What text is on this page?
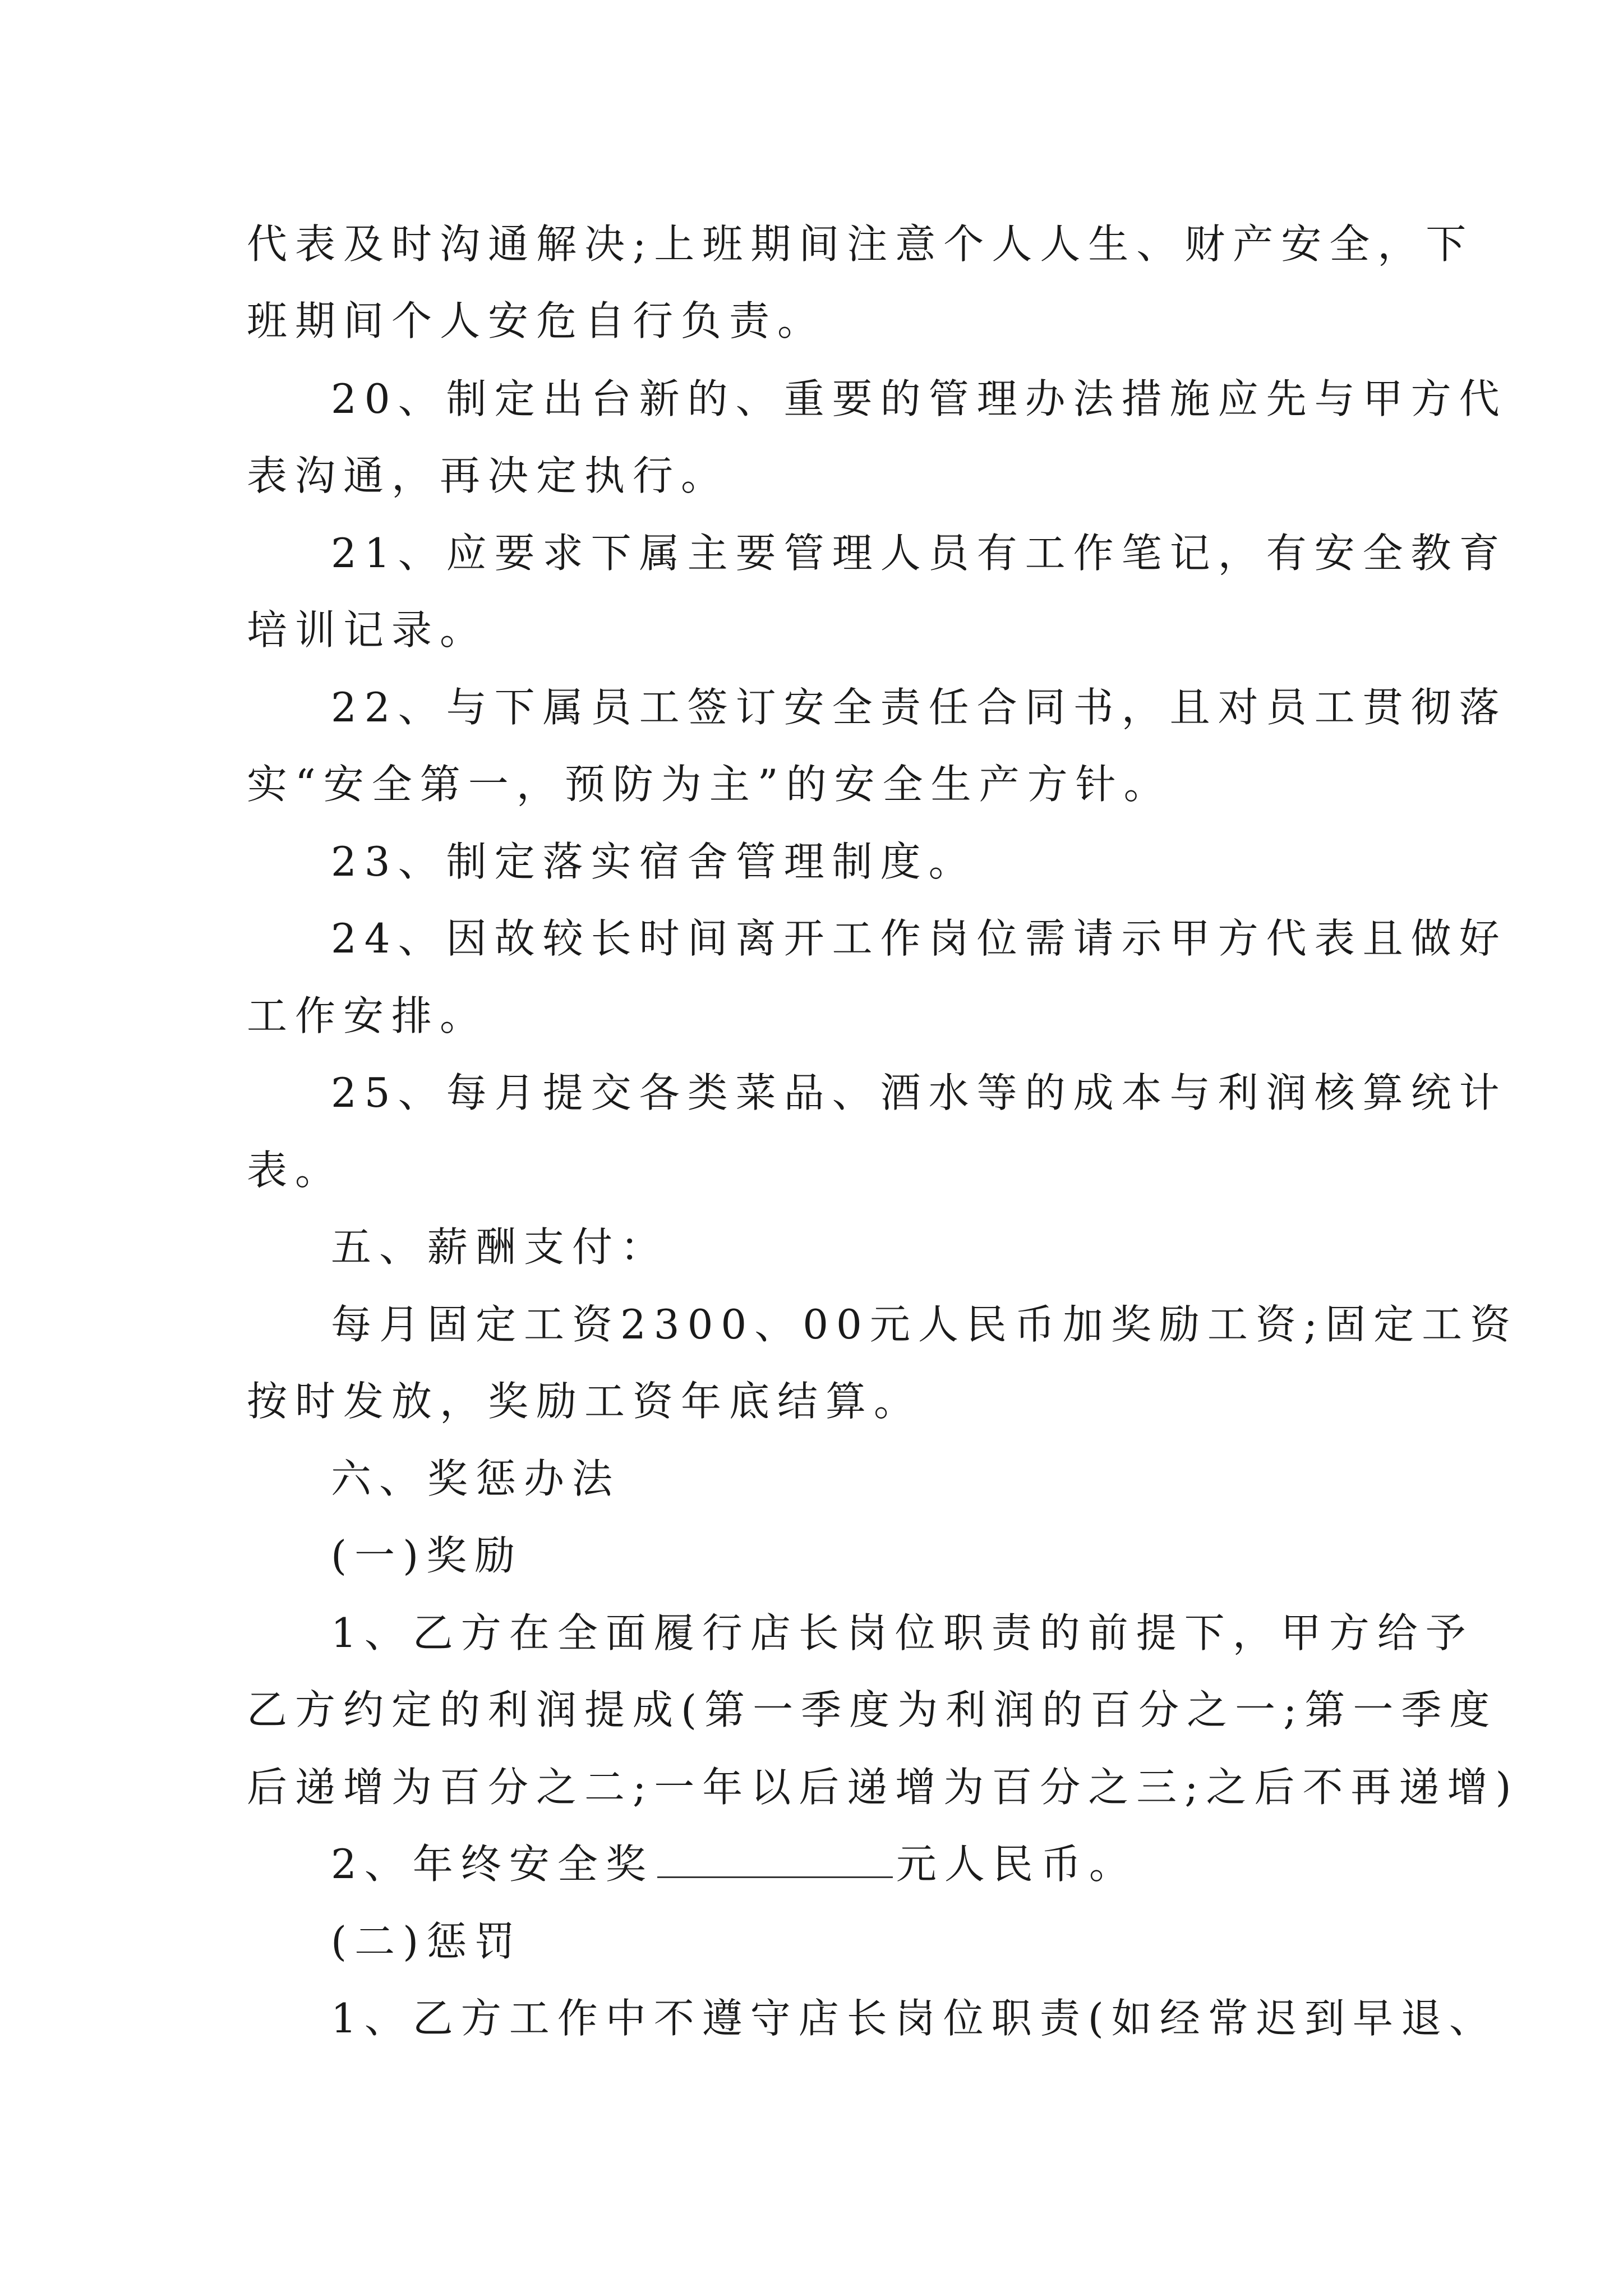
代表及时沟通解决;上班期间注意个人人生、财产安全，下
班期间个人安危自行负责。
20、制定出台新的、重要的管理办法措施应先与甲方代
表沟通，再决定执行。
21、应要求下属主要管理人员有工作笔记，有安全教育
培训记录。
22、与下属员工签订安全责任合同书，且对员工贯彻落
实“安全第一，预防为主”的安全生产方针。
23、制定落实宿舍管理制度。
24、因故较长时间离开工作岗位需请示甲方代表且做好
工作安排。
25、每月提交各类菜品、酒水等的成本与利润核算统计
表。
五、薪酬支付：
每月固定工资2300、00元人民币加奖励工资;固定工资
按时发放，奖励工资年底结算。
六、奖惩办法
(一)奖励
1、乙方在全面履行店长岗位职责的前提下，甲方给予
乙方约定的利润提成(第一季度为利润的百分之一;第一季度
后递增为百分之二;一年以后递增为百分之三;之后不再递增)
2、年终安全奖	元人民币。
(二)惩罚
1、乙方工作中不遵守店长岗位职责(如经常迟到早退、
